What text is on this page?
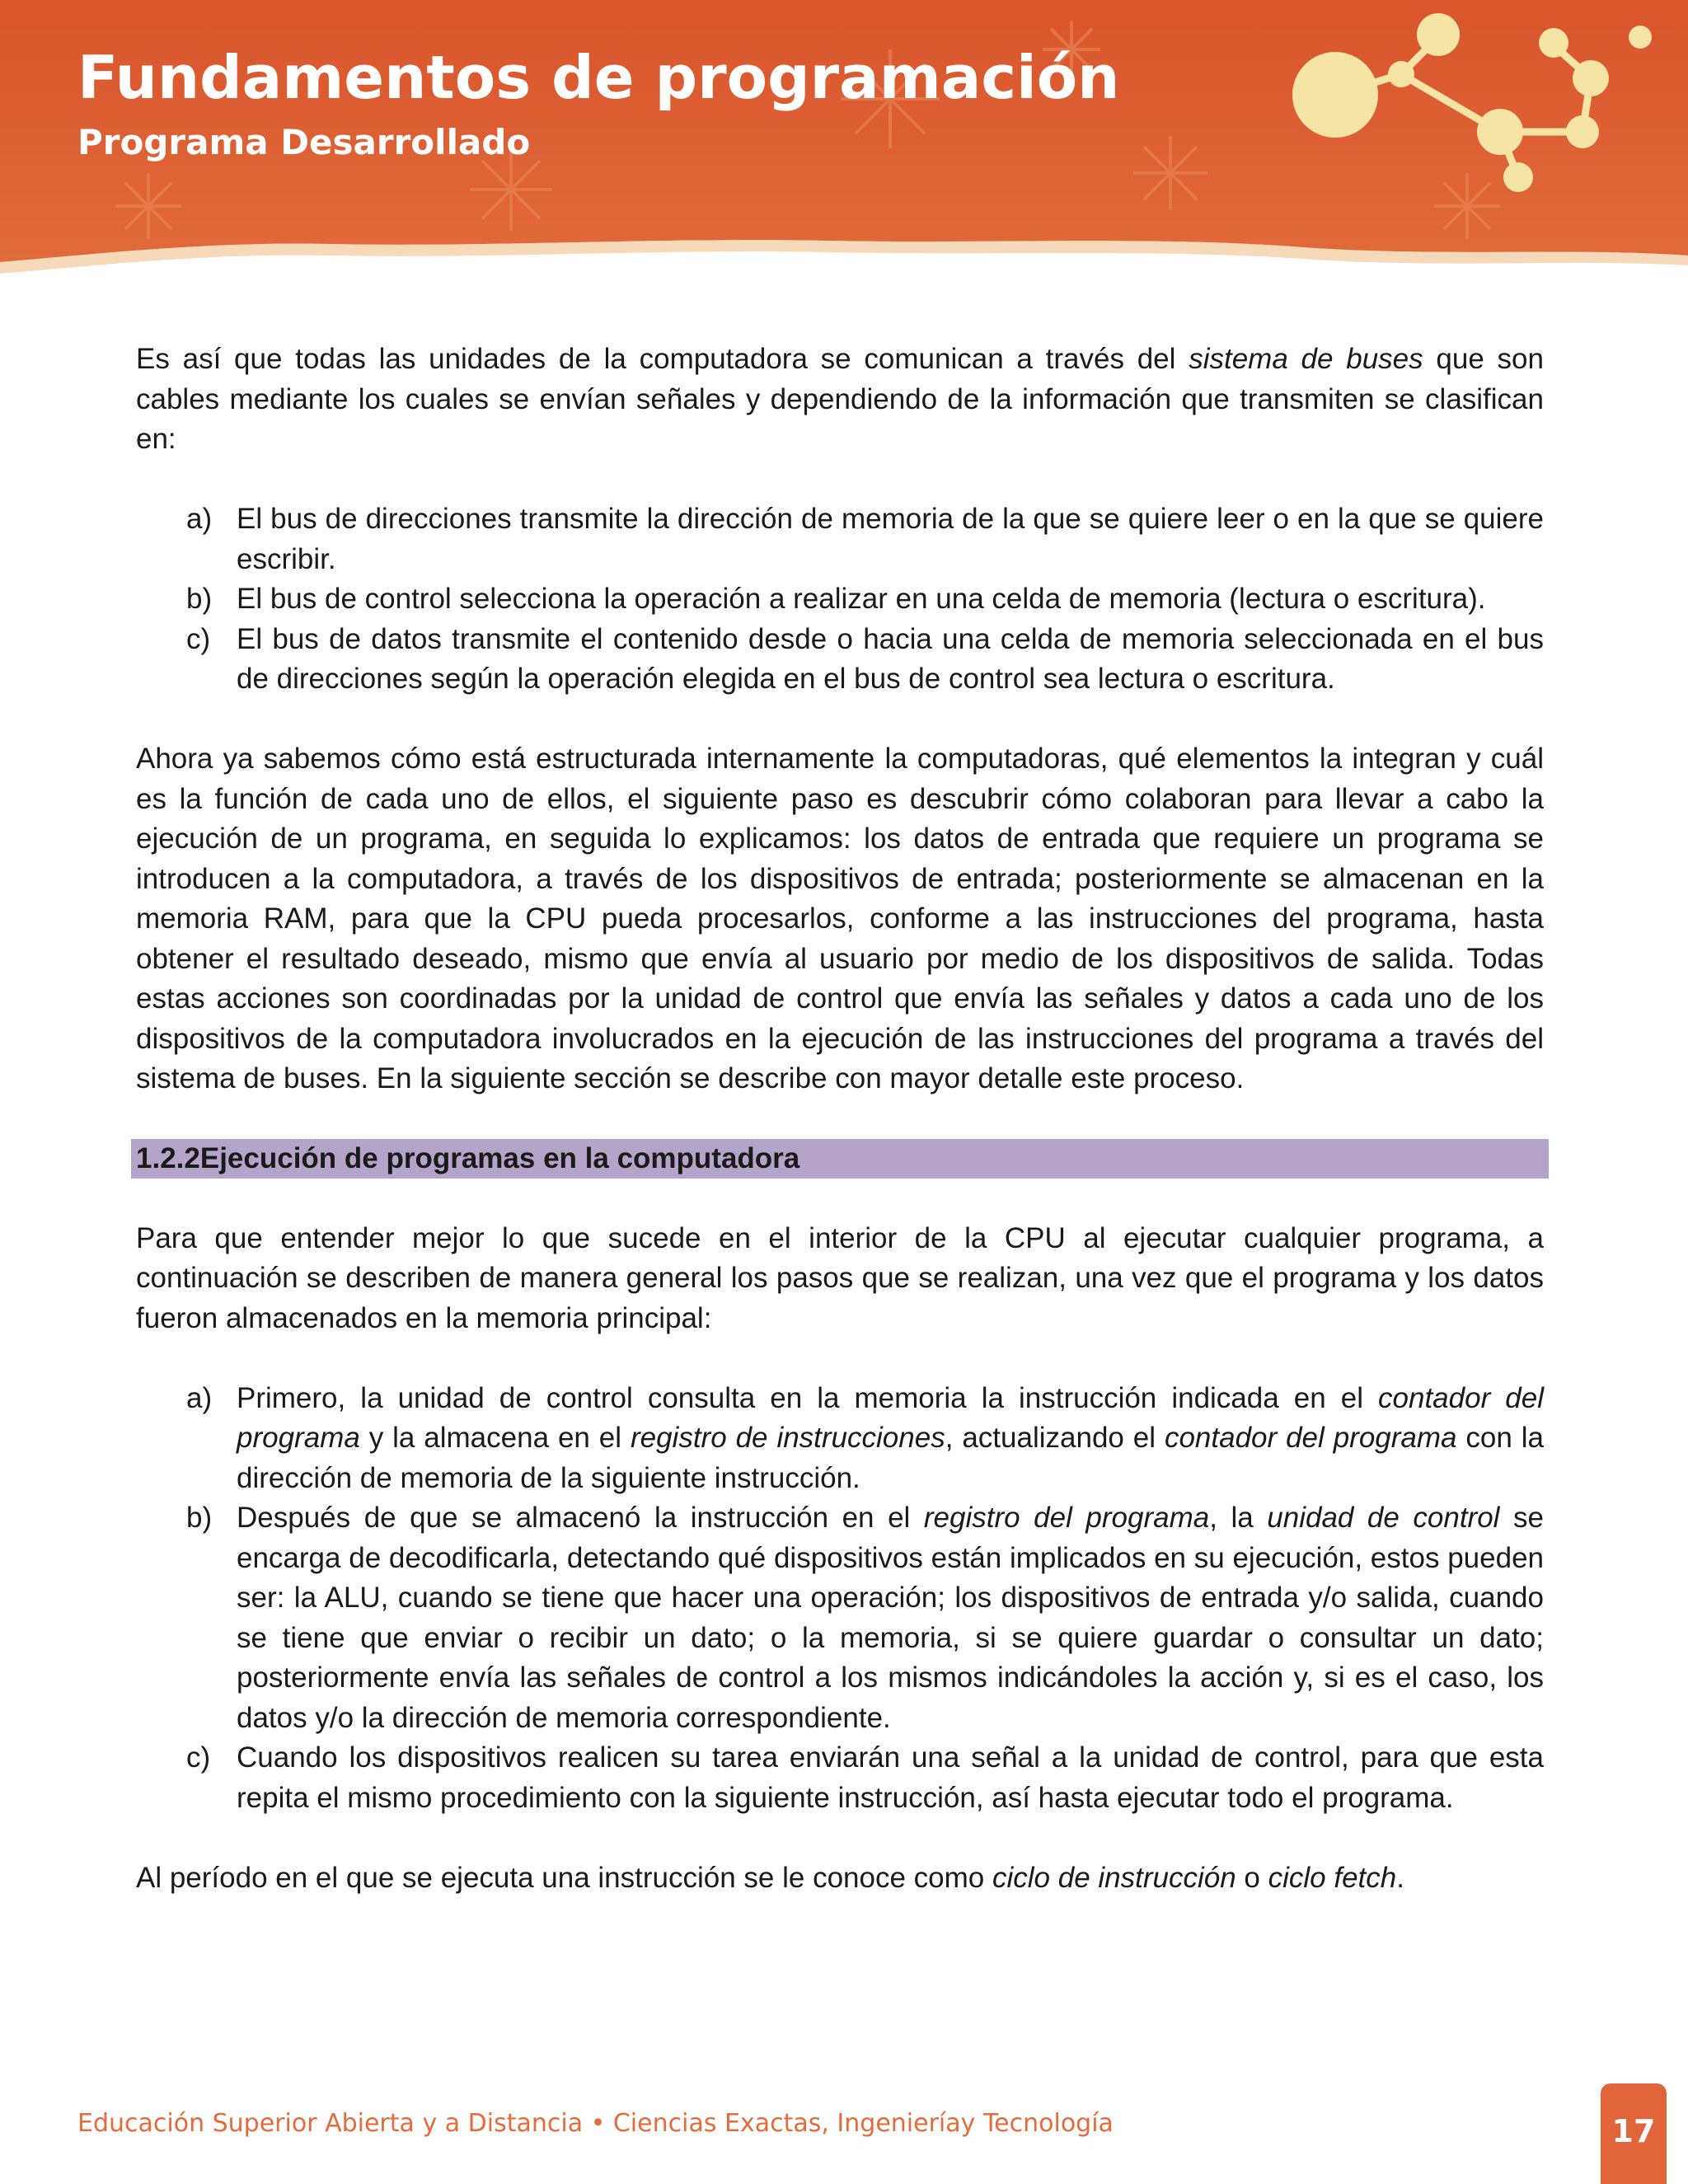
Fundamentos de programación
Programa Desarrollado

Es así que todas las unidades de la computadora se comunican a través del sistema de buses que son cables mediante los cuales se envían señales y dependiendo de la información que transmiten se clasifican en:

a) El bus de direcciones transmite la dirección de memoria de la que se quiere leer o en la que se quiere escribir.
b) El bus de control selecciona la operación a realizar en una celda de memoria (lectura o escritura).
c) El bus de datos transmite el contenido desde o hacia una celda de memoria seleccionada en el bus de direcciones según la operación elegida en el bus de control sea lectura o escritura.

Ahora ya sabemos cómo está estructurada internamente la computadoras, qué elementos la integran y cuál es la función de cada uno de ellos, el siguiente paso es descubrir cómo colaboran para llevar a cabo la ejecución de un programa, en seguida lo explicamos: los datos de entrada que requiere un programa se introducen a la computadora, a través de los dispositivos de entrada; posteriormente se almacenan en la memoria RAM, para que la CPU pueda procesarlos, conforme a las instrucciones del programa, hasta obtener el resultado deseado, mismo que envía al usuario por medio de los dispositivos de salida. Todas estas acciones son coordinadas por la unidad de control que envía las señales y datos a cada uno de los dispositivos de la computadora involucrados en la ejecución de las instrucciones del programa a través del sistema de buses. En la siguiente sección se describe con mayor detalle este proceso.

1.2.2Ejecución de programas en la computadora

Para que entender mejor lo que sucede en el interior de la CPU al ejecutar cualquier programa, a continuación se describen de manera general los pasos que se realizan, una vez que el programa y los datos fueron almacenados en la memoria principal:

a) Primero, la unidad de control consulta en la memoria la instrucción indicada en el contador del programa y la almacena en el registro de instrucciones, actualizando el contador del programa con la dirección de memoria de la siguiente instrucción.
b) Después de que se almacenó la instrucción en el registro del programa, la unidad de control se encarga de decodificarla, detectando qué dispositivos están implicados en su ejecución, estos pueden ser: la ALU, cuando se tiene que hacer una operación; los dispositivos de entrada y/o salida, cuando se tiene que enviar o recibir un dato; o la memoria, si se quiere guardar o consultar un dato; posteriormente envía las señales de control a los mismos indicándoles la acción y, si es el caso, los datos y/o la dirección de memoria correspondiente.
c) Cuando los dispositivos realicen su tarea enviarán una señal a la unidad de control, para que esta repita el mismo procedimiento con la siguiente instrucción, así hasta ejecutar todo el programa.

Al período en el que se ejecuta una instrucción se le conoce como ciclo de instrucción o ciclo fetch.

Educación Superior Abierta y a Distancia • Ciencias Exactas, Ingenieríay Tecnología	17
